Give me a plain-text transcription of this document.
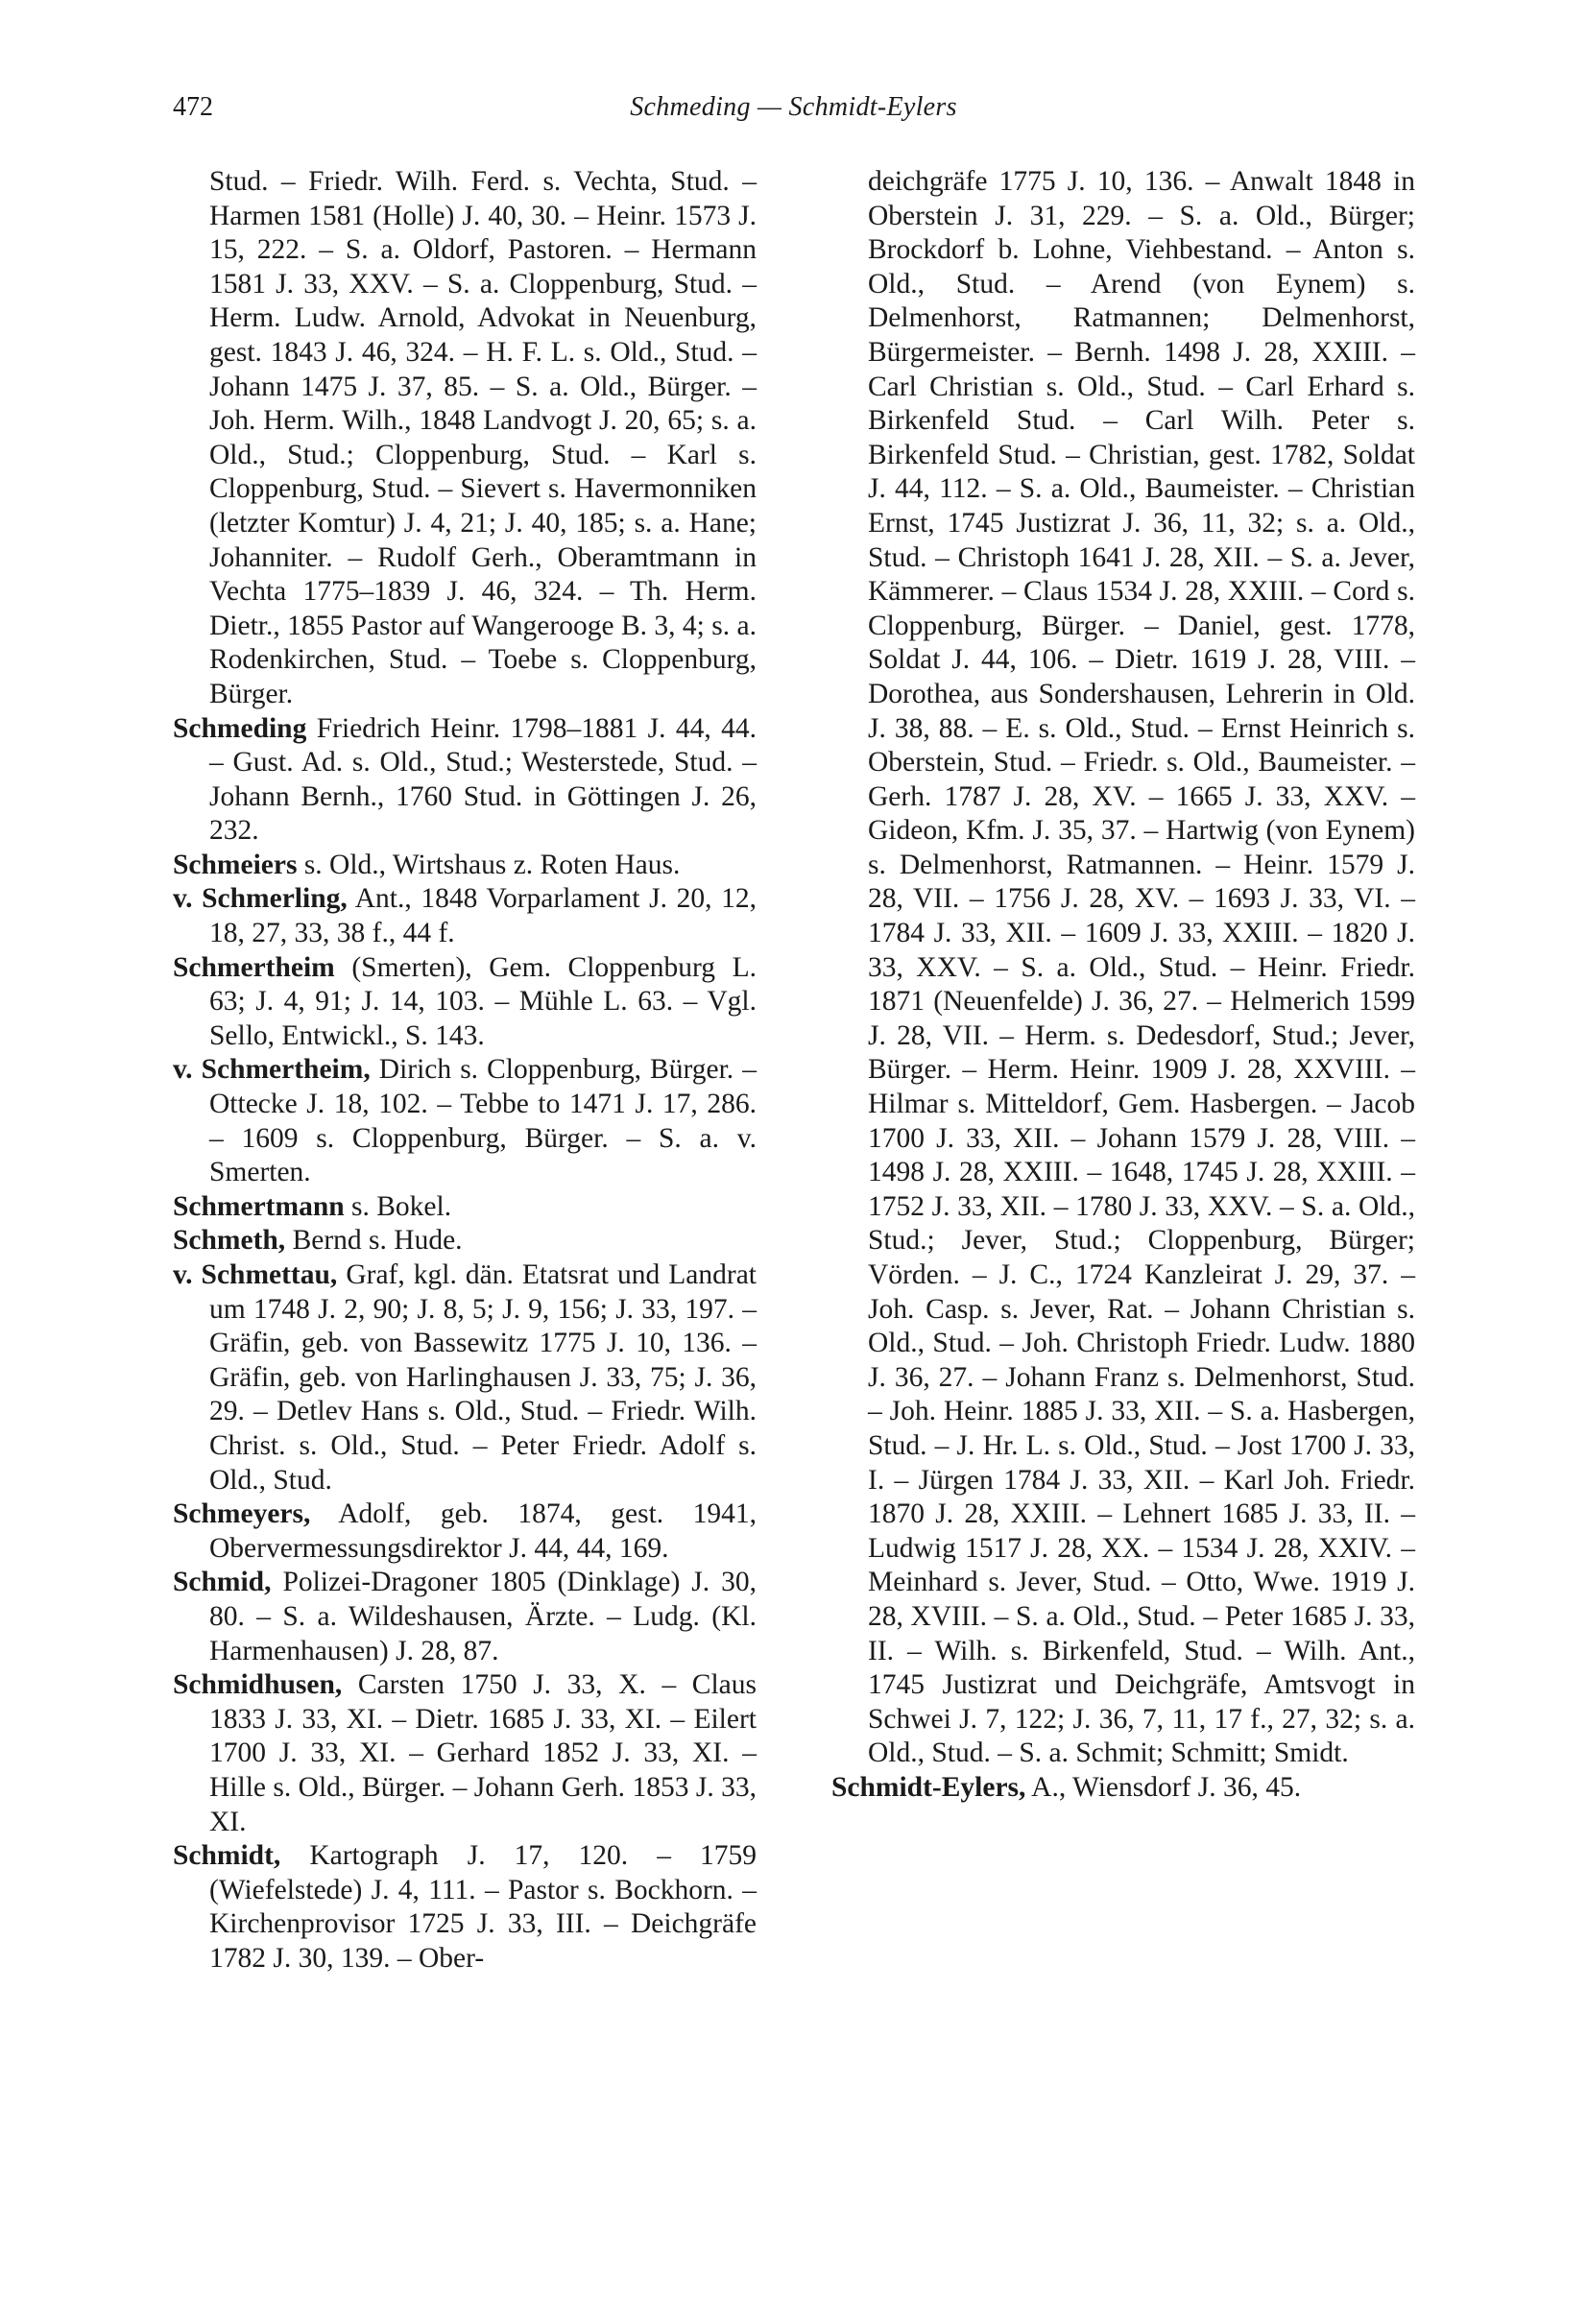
472	Schmeding — Schmidt-Eylers

Stud. – Friedr. Wilh. Ferd. s. Vechta, Stud. – Harmen 1581 (Holle) J. 40, 30. – Heinr. 1573 J. 15, 222. – S. a. Oldorf, Pastoren. – Hermann 1581 J. 33, XXV. – S. a. Cloppenburg, Stud. – Herm. Ludw. Arnold, Advokat in Neuenburg, gest. 1843 J. 46, 324. – H. F. L. s. Old., Stud. – Johann 1475 J. 37, 85. – S. a. Old., Bürger. – Joh. Herm. Wilh., 1848 Landvogt J. 20, 65; s. a. Old., Stud.; Cloppenburg, Stud. – Karl s. Cloppenburg, Stud. – Sievert s. Havermonniken (letzter Komtur) J. 4, 21; J. 40, 185; s. a. Hane; Johanniter. – Rudolf Gerh., Oberamtmann in Vechta 1775–1839 J. 46, 324. – Th. Herm. Dietr., 1855 Pastor auf Wangerooge B. 3, 4; s. a. Rodenkirchen, Stud. – Toebe s. Cloppenburg, Bürger.

Schmeding Friedrich Heinr. 1798–1881 J. 44, 44. – Gust. Ad. s. Old., Stud.; Westerstede, Stud. – Johann Bernh., 1760 Stud. in Göttingen J. 26, 232.

Schmeiers s. Old., Wirtshaus z. Roten Haus.

v. Schmerling, Ant., 1848 Vorparlament J. 20, 12, 18, 27, 33, 38 f., 44 f.

Schmertheim (Smerten), Gem. Cloppenburg L. 63; J. 4, 91; J. 14, 103. – Mühle L. 63. – Vgl. Sello, Entwickl., S. 143.

v. Schmertheim, Dirich s. Cloppenburg, Bürger. – Ottecke J. 18, 102. – Tebbe to 1471 J. 17, 286. – 1609 s. Cloppenburg, Bürger. – S. a. v. Smerten.

Schmertmann s. Bokel.

Schmeth, Bernd s. Hude.

v. Schmettau, Graf, kgl. dän. Etatsrat und Landrat um 1748 J. 2, 90; J. 8, 5; J. 9, 156; J. 33, 197. – Gräfin, geb. von Bassewitz 1775 J. 10, 136. – Gräfin, geb. von Harlinghausen J. 33, 75; J. 36, 29. – Detlev Hans s. Old., Stud. – Friedr. Wilh. Christ. s. Old., Stud. – Peter Friedr. Adolf s. Old., Stud.

Schmeyers, Adolf, geb. 1874, gest. 1941, Obervermessungsdirektor J. 44, 44, 169.

Schmid, Polizei-Dragoner 1805 (Dinklage) J. 30, 80. – S. a. Wildeshausen, Ärzte. – Ludg. (Kl. Harmenhausen) J. 28, 87.

Schmidhusen, Carsten 1750 J. 33, X. – Claus 1833 J. 33, XI. – Dietr. 1685 J. 33, XI. – Eilert 1700 J. 33, XI. – Gerhard 1852 J. 33, XI. – Hille s. Old., Bürger. – Johann Gerh. 1853 J. 33, XI.

Schmidt, Kartograph J. 17, 120. – 1759 (Wiefelstede) J. 4, 111. – Pastor s. Bockhorn. – Kirchenprovisor 1725 J. 33, III. – Deichgräfe 1782 J. 30, 139. – Ober-

deichgräfe 1775 J. 10, 136. – Anwalt 1848 in Oberstein J. 31, 229. – S. a. Old., Bürger; Brockdorf b. Lohne, Viehbestand. – Anton s. Old., Stud. – Arend (von Eynem) s. Delmenhorst, Ratmannen; Delmenhorst, Bürgermeister. – Bernh. 1498 J. 28, XXIII. – Carl Christian s. Old., Stud. – Carl Erhard s. Birkenfeld Stud. – Carl Wilh. Peter s. Birkenfeld Stud. – Christian, gest. 1782, Soldat J. 44, 112. – S. a. Old., Baumeister. – Christian Ernst, 1745 Justizrat J. 36, 11, 32; s. a. Old., Stud. – Christoph 1641 J. 28, XII. – S. a. Jever, Kämmerer. – Claus 1534 J. 28, XXIII. – Cord s. Cloppenburg, Bürger. – Daniel, gest. 1778, Soldat J. 44, 106. – Dietr. 1619 J. 28, VIII. – Dorothea, aus Sondershausen, Lehrerin in Old. J. 38, 88. – E. s. Old., Stud. – Ernst Heinrich s. Oberstein, Stud. – Friedr. s. Old., Baumeister. – Gerh. 1787 J. 28, XV. – 1665 J. 33, XXV. – Gideon, Kfm. J. 35, 37. – Hartwig (von Eynem) s. Delmenhorst, Ratmannen. – Heinr. 1579 J. 28, VII. – 1756 J. 28, XV. – 1693 J. 33, VI. – 1784 J. 33, XII. – 1609 J. 33, XXIII. – 1820 J. 33, XXV. – S. a. Old., Stud. – Heinr. Friedr. 1871 (Neuenfelde) J. 36, 27. – Helmerich 1599 J. 28, VII. – Herm. s. Dedesdorf, Stud.; Jever, Bürger. – Herm. Heinr. 1909 J. 28, XXVIII. – Hilmar s. Mitteldorf, Gem. Hasbergen. – Jacob 1700 J. 33, XII. – Johann 1579 J. 28, VIII. – 1498 J. 28, XXIII. – 1648, 1745 J. 28, XXIII. – 1752 J. 33, XII. – 1780 J. 33, XXV. – S. a. Old., Stud.; Jever, Stud.; Cloppenburg, Bürger; Vörden. – J. C., 1724 Kanzleirat J. 29, 37. – Joh. Casp. s. Jever, Rat. – Johann Christian s. Old., Stud. – Joh. Christoph Friedr. Ludw. 1880 J. 36, 27. – Johann Franz s. Delmenhorst, Stud. – Joh. Heinr. 1885 J. 33, XII. – S. a. Hasbergen, Stud. – J. Hr. L. s. Old., Stud. – Jost 1700 J. 33, I. – Jürgen 1784 J. 33, XII. – Karl Joh. Friedr. 1870 J. 28, XXIII. – Lehnert 1685 J. 33, II. – Ludwig 1517 J. 28, XX. – 1534 J. 28, XXIV. – Meinhard s. Jever, Stud. – Otto, Wwe. 1919 J. 28, XVIII. – S. a. Old., Stud. – Peter 1685 J. 33, II. – Wilh. s. Birkenfeld, Stud. – Wilh. Ant., 1745 Justizrat und Deichgräfe, Amtsvogt in Schwei J. 7, 122; J. 36, 7, 11, 17 f., 27, 32; s. a. Old., Stud. – S. a. Schmit; Schmitt; Smidt.

Schmidt-Eylers, A., Wiensdorf J. 36, 45.
